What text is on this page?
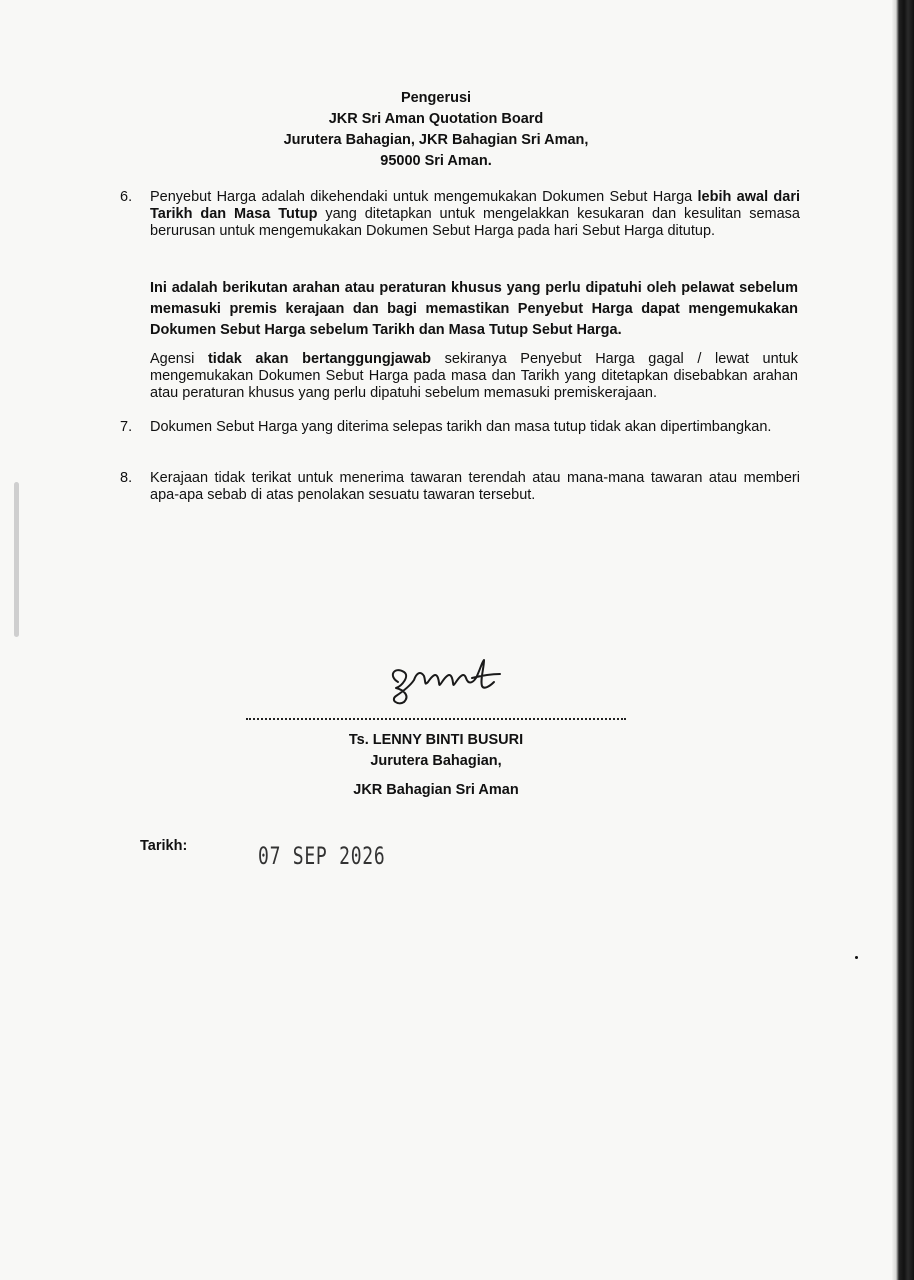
Pengerusi
JKR Sri Aman Quotation Board
Jurutera Bahagian, JKR Bahagian Sri Aman,
95000 Sri Aman.
6.	Penyebut Harga adalah dikehendaki untuk mengemukakan Dokumen Sebut Harga lebih awal dari Tarikh dan Masa Tutup yang ditetapkan untuk mengelakkan kesukaran dan kesulitan semasa berurusan untuk mengemukakan Dokumen Sebut Harga pada hari Sebut Harga ditutup.

Ini adalah berikutan arahan atau peraturan khusus yang perlu dipatuhi oleh pelawat sebelum memasuki premis kerajaan dan bagi memastikan Penyebut Harga dapat mengemukakan Dokumen Sebut Harga sebelum Tarikh dan Masa Tutup Sebut Harga.
Agensi tidak akan bertanggungjawab sekiranya Penyebut Harga gagal / lewat untuk mengemukakan Dokumen Sebut Harga pada masa dan Tarikh yang ditetapkan disebabkan arahan atau peraturan khusus yang perlu dipatuhi sebelum memasuki premiskerajaan.
7.	Dokumen Sebut Harga yang diterima selepas tarikh dan masa tutup tidak akan dipertimbangkan.

8.	Kerajaan tidak terikat untuk menerima tawaran terendah atau mana-mana tawaran atau memberi apa-apa sebab di atas penolakan sesuatu tawaran tersebut.

Ts. LENNY BINTI BUSURI
Jurutera Bahagian,
JKR Bahagian Sri Aman
Tarikh:	07 SEP 2026
